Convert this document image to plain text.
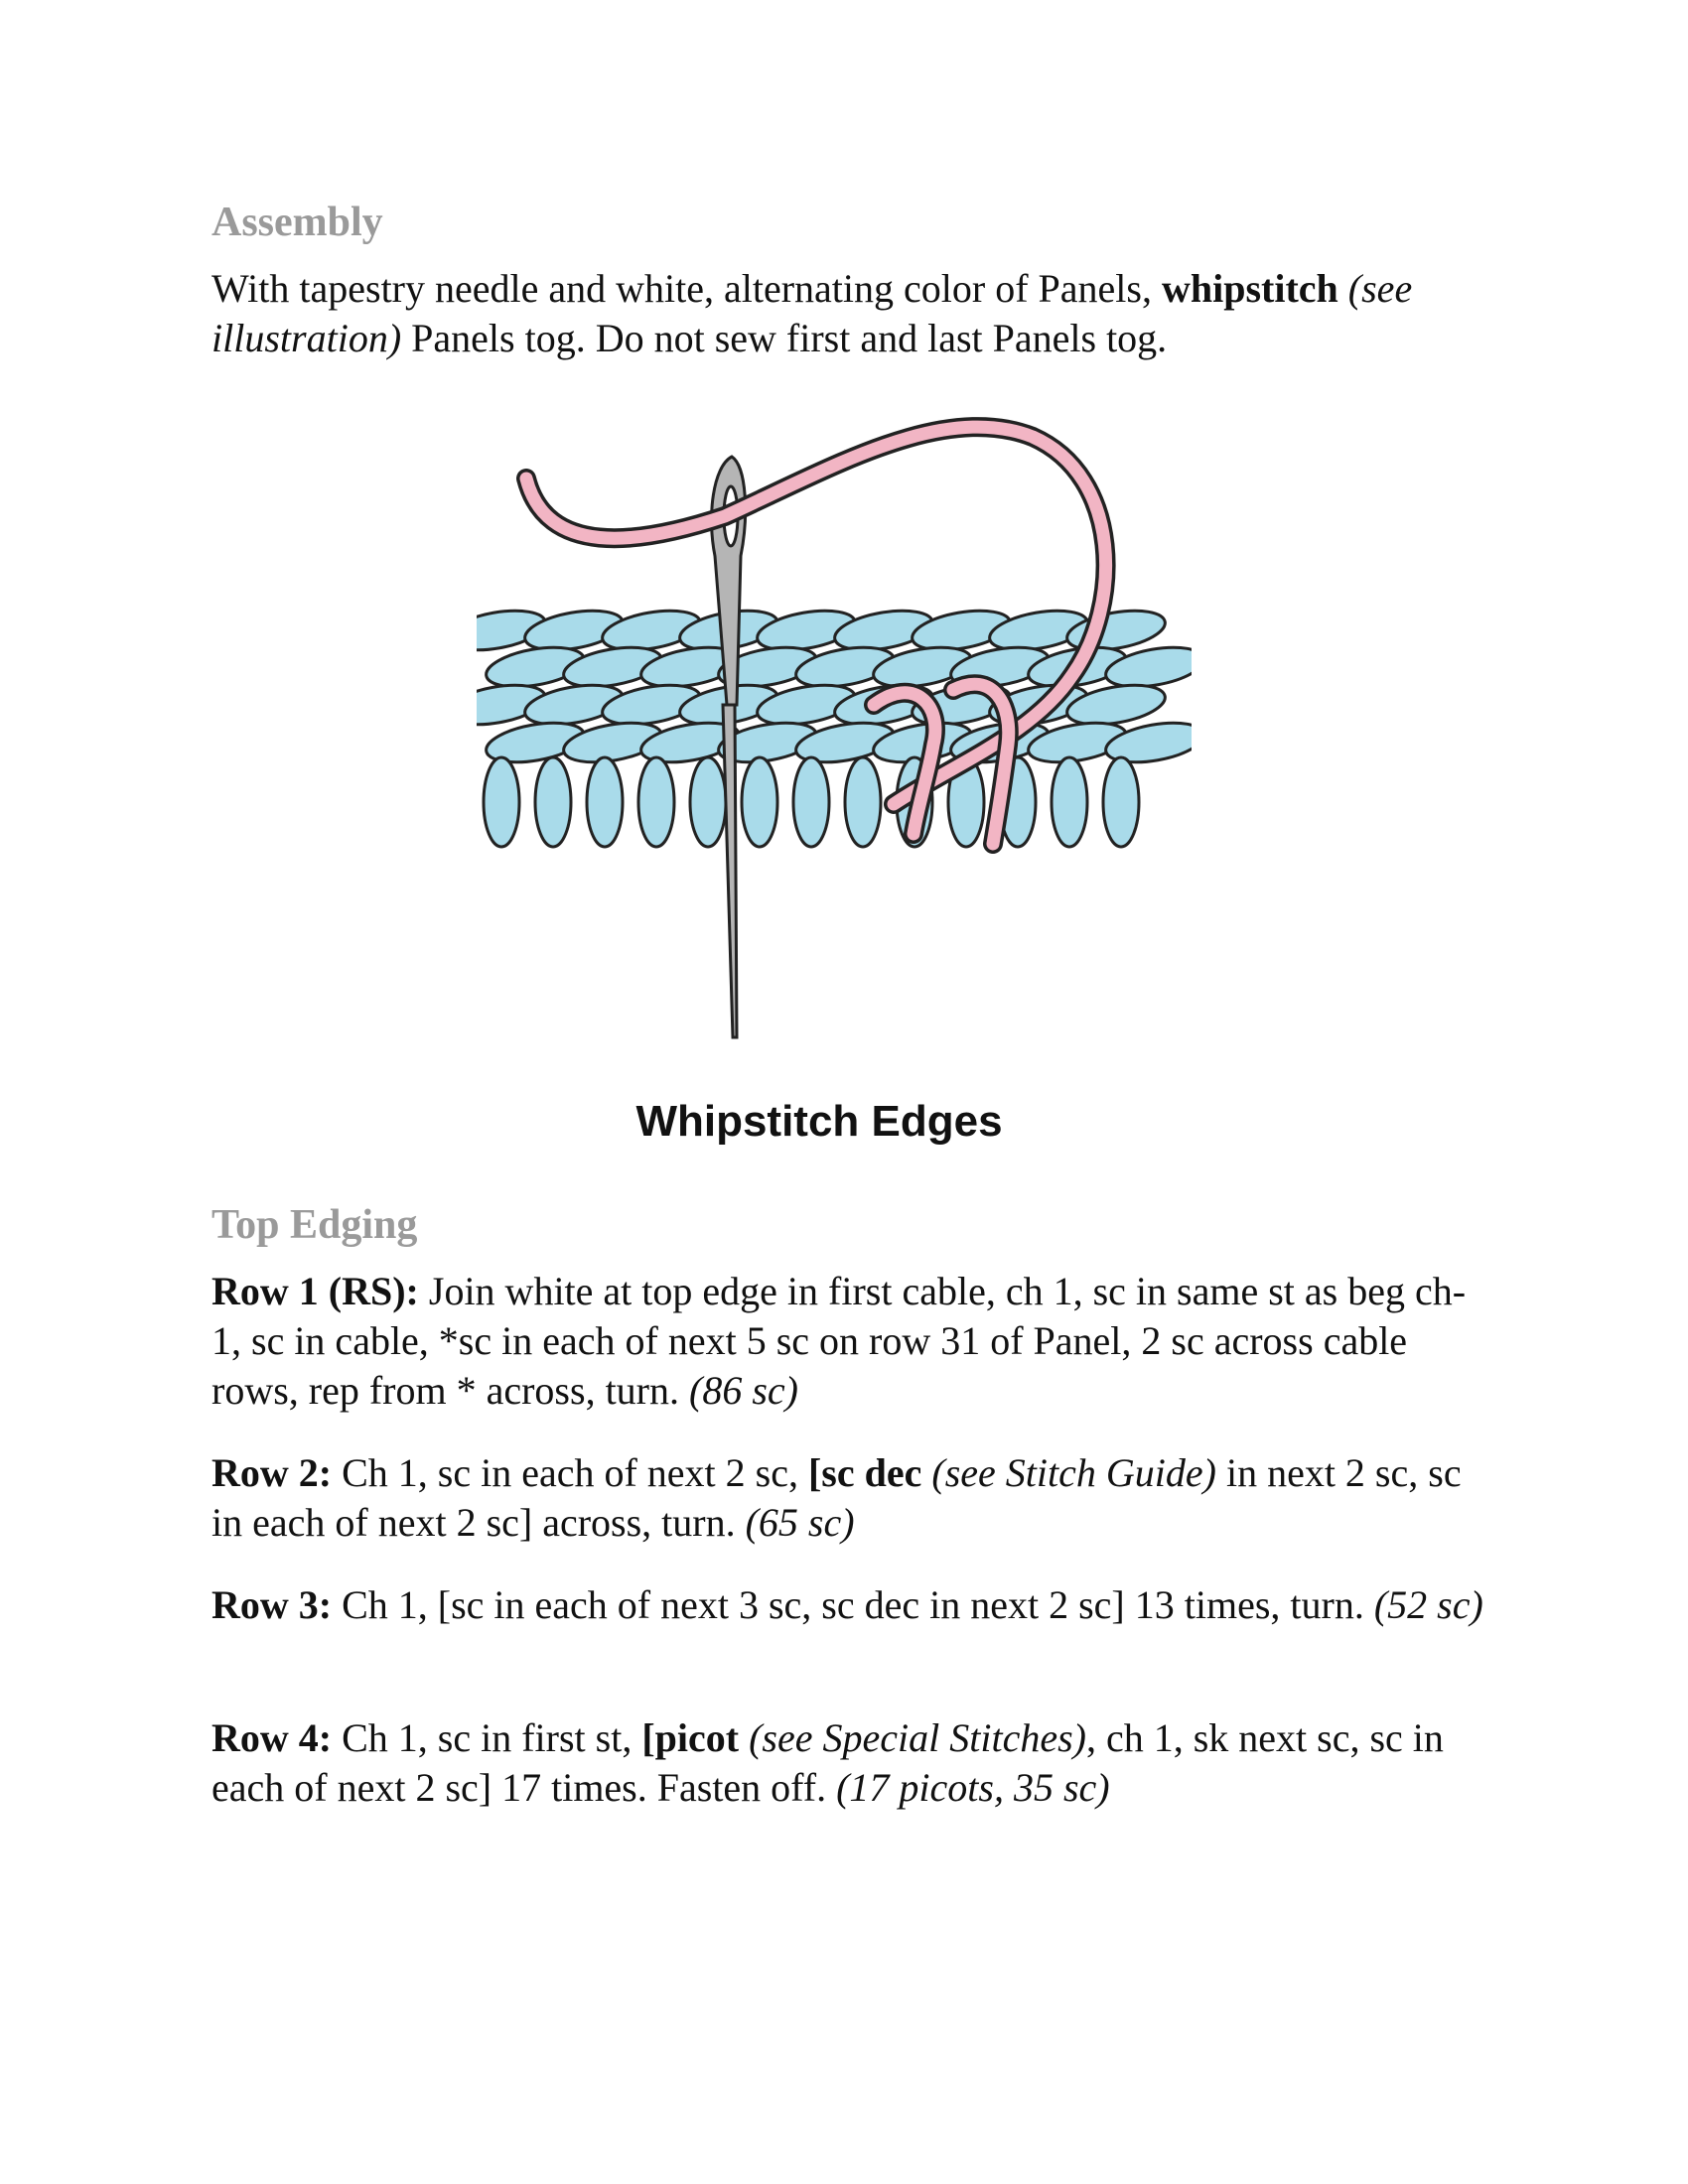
Assembly

With tapestry needle and white, alternating color of Panels, whipstitch (see illustration) Panels tog. Do not sew first and last Panels tog.

Top Edging

Row 1 (RS): Join white at top edge in first cable, ch 1, sc in same st as beg ch-1, sc in cable, *sc in each of next 5 sc on row 31 of Panel, 2 sc across cable rows, rep from * across, turn. (86 sc)

Row 2: Ch 1, sc in each of next 2 sc, [sc dec (see Stitch Guide) in next 2 sc, sc in each of next 2 sc] across, turn. (65 sc)

Row 3: Ch 1, [sc in each of next 3 sc, sc dec in next 2 sc] 13 times, turn. (52 sc)

Row 4: Ch 1, sc in first st, [picot (see Special Stitches), ch 1, sk next sc, sc in each of next 2 sc] 17 times. Fasten off. (17 picots, 35 sc)

Whipstitch Edges
